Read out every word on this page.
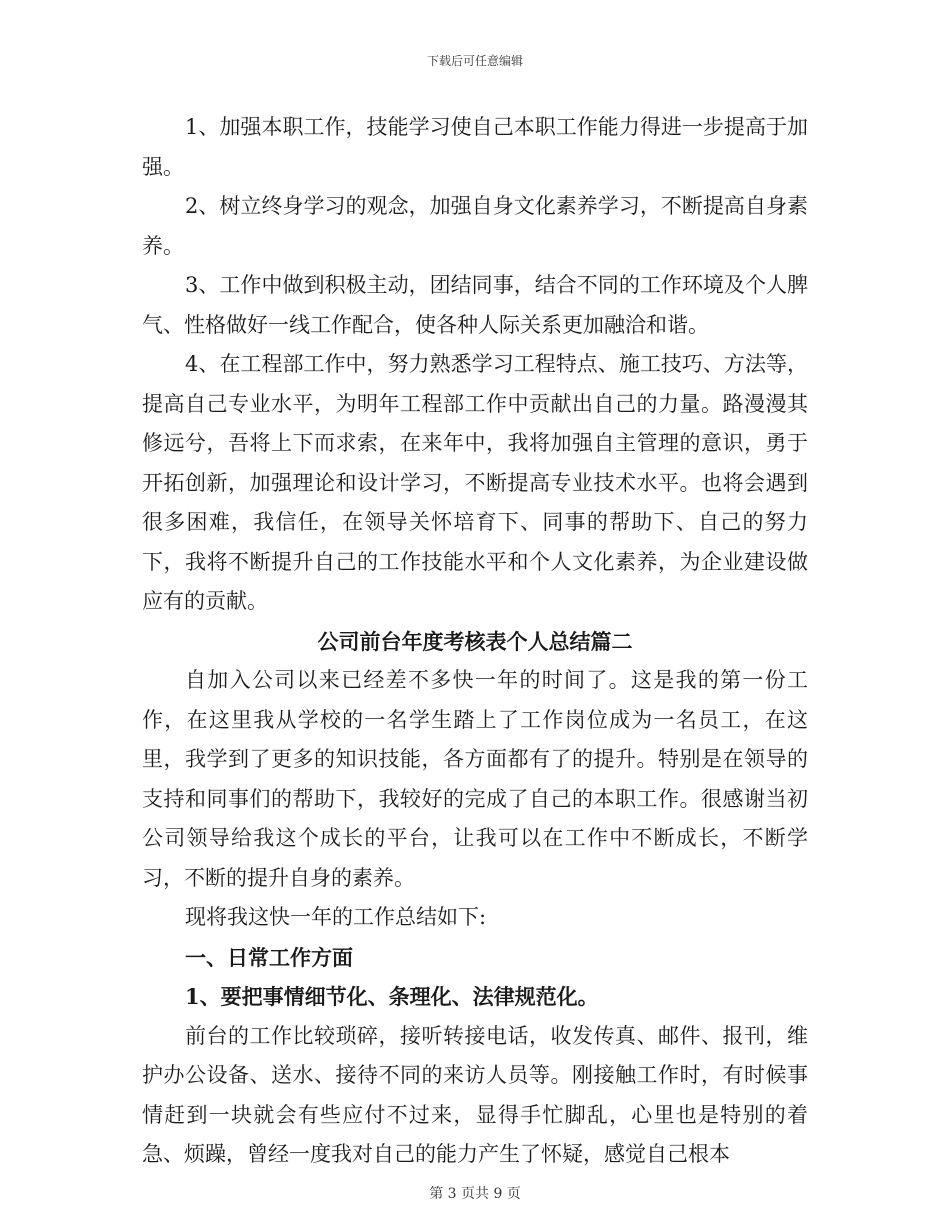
下载后可任意编辑

1、加强本职工作，技能学习使自己本职工作能力得进一步提高于加强。

2、树立终身学习的观念，加强自身文化素养学习，不断提高自身素养。

3、工作中做到积极主动，团结同事，结合不同的工作环境及个人脾气、性格做好一线工作配合，使各种人际关系更加融洽和谐。

4、在工程部工作中，努力熟悉学习工程特点、施工技巧、方法等，提高自己专业水平，为明年工程部工作中贡献出自己的力量。路漫漫其修远兮，吾将上下而求索，在来年中，我将加强自主管理的意识，勇于开拓创新，加强理论和设计学习，不断提高专业技术水平。也将会遇到很多困难，我信任，在领导关怀培育下、同事的帮助下、自己的努力下，我将不断提升自己的工作技能水平和个人文化素养，为企业建设做应有的贡献。

公司前台年度考核表个人总结篇二

自加入公司以来已经差不多快一年的时间了。这是我的第一份工作，在这里我从学校的一名学生踏上了工作岗位成为一名员工，在这里，我学到了更多的知识技能，各方面都有了的提升。特别是在领导的支持和同事们的帮助下，我较好的完成了自己的本职工作。很感谢当初公司领导给我这个成长的平台，让我可以在工作中不断成长，不断学习，不断的提升自身的素养。

现将我这快一年的工作总结如下:

一、日常工作方面

1、要把事情细节化、条理化、法律规范化。

前台的工作比较琐碎，接听转接电话，收发传真、邮件、报刊，维护办公设备、送水、接待不同的来访人员等。刚接触工作时，有时候事情赶到一块就会有些应付不过来，显得手忙脚乱，心里也是特别的着急、烦躁，曾经一度我对自己的能力产生了怀疑，感觉自己根本

第 3 页共 9 页
